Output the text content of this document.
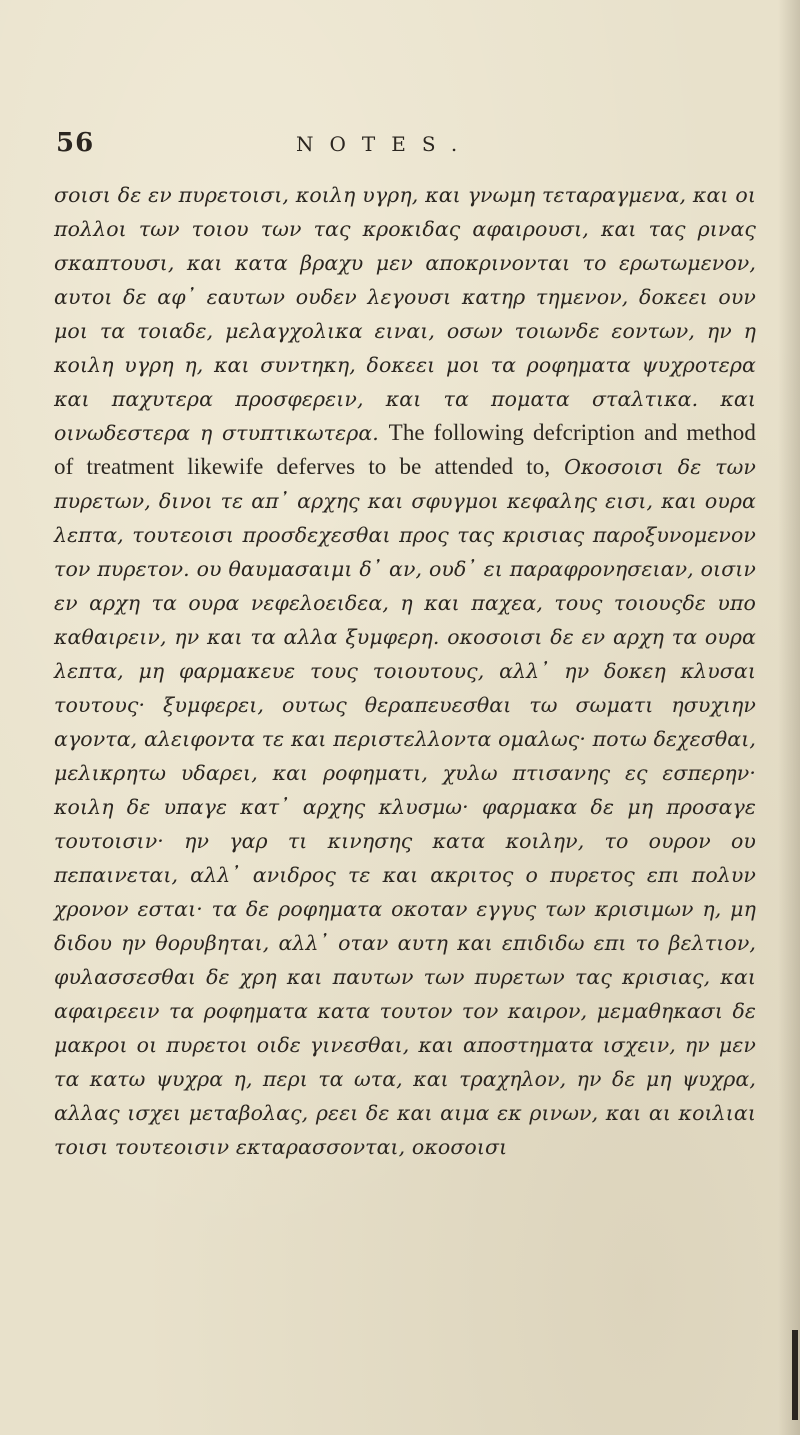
56	NOTES.

σοισι δε εν πυρετοισι, κοιλη υγρη, και γνωμη τεταραγμενα, και οι πολλοι των τοιου των τας κροκιδας αφαιρουσι, και τας ρινας σκαπτουσι, και κατα βραχυ μεν αποκρινονται το ερωτωμενον, αυτοι δε αφ᾽ εαυτων ουδεν λεγουσι κατηρ τημενον, δοκεει ουν μοι τα τοιαδε, μελαγχολικα ειναι, οσων τοιωνδε εοντων, ην η κοιλη υγρη η, και συντηκη, δοκεει μοι τα ροφηματα ψυχροτερα και παχυτερα προσφερειν, και τα ποματα σταλτικα. και οινωδεστερα η στυπτικωτερα. The following defcription and method of treatment likewife deferves to be attended to, Οκοσοισι δε των πυρετων, δινοι τε απ᾽ αρχης και σφυγμοι κεφαλης εισι, και ουρα λεπτα, τουτεοισι προσδεχεσθαι προς τας κρισιας παροξυνομενον τον πυρετον. ου θαυμασαιμι δ᾽ αν, ουδ᾽ ει παραφρονησειαν, οισιν εν αρχη τα ουρα νεφελοειδεα, η και παχεα, τους τοιουςδε υπο καθαιρειν, ην και τα αλλα ξυμφερη. οκοσοισι δε εν αρχη τα ουρα λεπτα, μη φαρμακευε τους τοιουτους, αλλ᾽ ην δοκεη κλυσαι τουτους· ξυμφερει, ουτως θεραπευεσθαι τω σωματι ησυχιην αγοντα, αλειφοντα τε και περιστελλοντα ομαλως· ποτω δεχεσθαι, μελικρητω υδαρει, και ροφηματι, χυλω πτισανης ες εσπερην· κοιλη δε υπαγε κατ᾽ αρχης κλυσμω· φαρμακα δε μη προσαγε τουτοισιν· ην γαρ τι κινησης κατα κοιλην, το ουρον ου πεπαινεται, αλλ᾽ ανιδρος τε και ακριτος ο πυρετος επι πολυν χρονον εσται· τα δε ροφηματα οκοταν εγγυς των κρισιμων η, μη διδου ην θορυβηται, αλλ᾽ οταν αυτη και επιδιδω επι το βελτιον, φυλασσεσθαι δε χρη και παυτων των πυρετων τας κρισιας, και αφαιρεειν τα ροφηματα κατα τουτον τον καιρον, μεμαθηκασι δε μακροι οι πυρετοι οιδε γινεσθαι, και αποστηματα ισχειν, ην μεν τα κατω ψυχρα η, περι τα ωτα, και τραχηλον, ην δε μη ψυχρα, αλλας ισχει μεταβολας, ρεει δε και αιμα εκ ρινων, και αι κοιλιαι τοισι τουτεοισιν εκταρασσονται, οκοσοισι
